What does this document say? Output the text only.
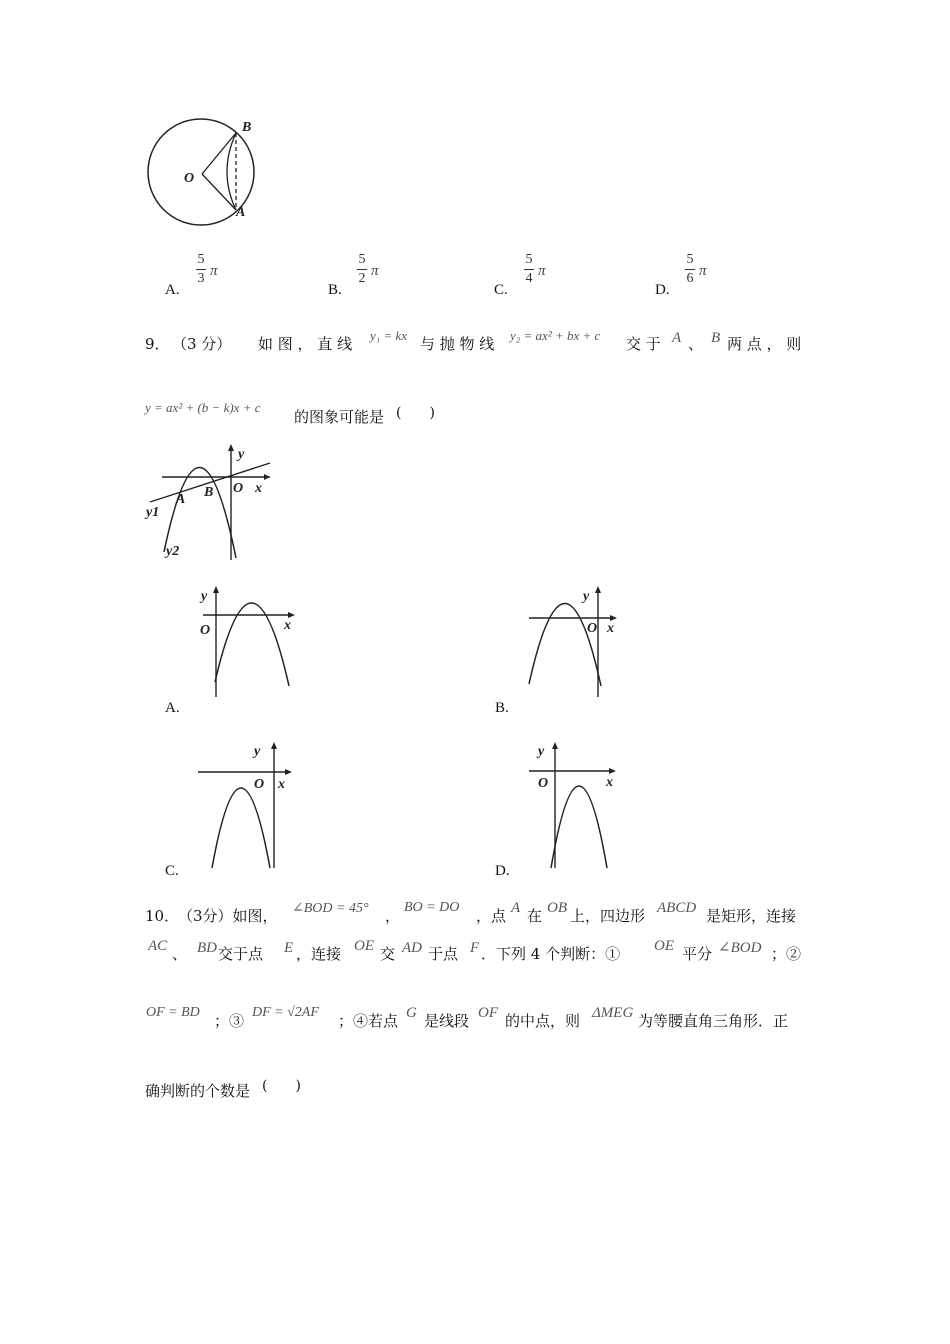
B
O
A
A.
5
3 π
B.
5
2 π
C.
5
4 π
D.
5
6 π
9． （3 分） 如 图 ， 直 线 y₁ = kx 与 抛 物 线 y₂ = ax² + bx + c 交 于 A 、 B 两 点 ， 则
y = ax² + (b − k)x + c
的图象可能是 (　　)
y
O x
A B
y1
y2
y
O	x
A.
y
O x
B.
y
O x
C.
y
O	x
D.
10．
（3分）如图， ∠BOD = 45° ， BO = DO ，点 A 在 OB 上，四边形 ABCD 是矩形，连接
AC 、 BD 交于点 E ，连接 OE 交 AD 于点 F ．下列 4 个判断：① OE 平分 ∠BOD ；②
OF = BD ；③ DF = √2AF ；④若点 G 是线段 OF 的中点，则 ΔMEG 为等腰直角三角形．正
确判断的个数是 (　　)
